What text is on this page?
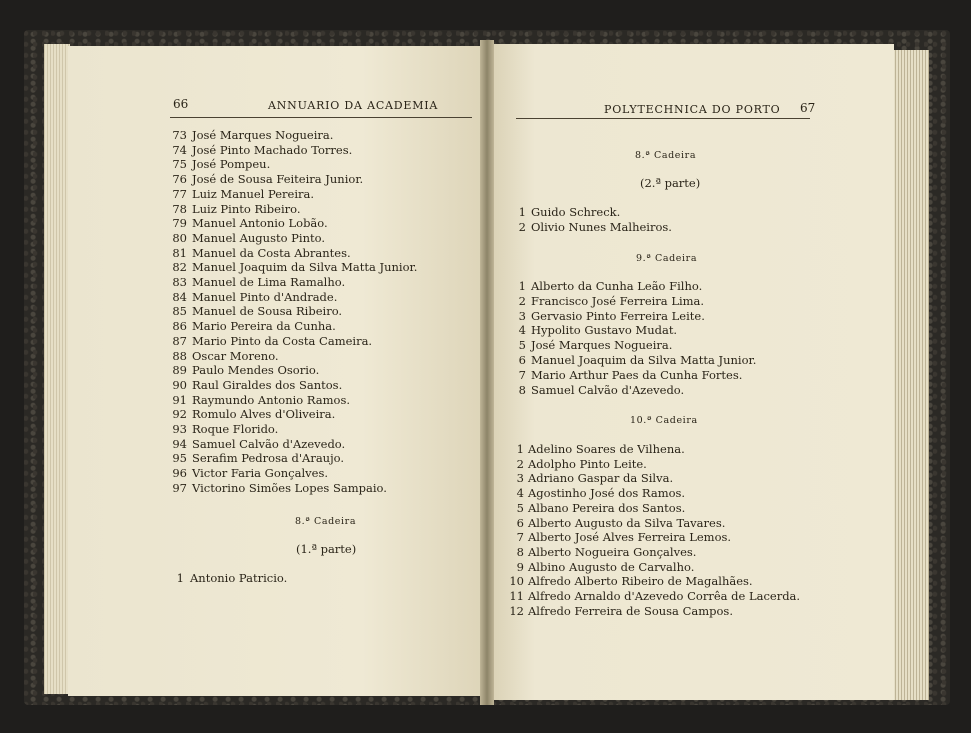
66	ANNUARIO DA ACADEMIA
73 José Marques Nogueira.
74 José Pinto Machado Torres.
75 José Pompeu.
76 José de Sousa Feiteira Junior.
77 Luiz Manuel Pereira.
78 Luiz Pinto Ribeiro.
79 Manuel Antonio Lobão.
80 Manuel Augusto Pinto.
81 Manuel da Costa Abrantes.
82 Manuel Joaquim da Silva Matta Junior.
83 Manuel de Lima Ramalho.
84 Manuel Pinto d'Andrade.
85 Manuel de Sousa Ribeiro.
86 Mario Pereira da Cunha.
87 Mario Pinto da Costa Cameira.
88 Oscar Moreno.
89 Paulo Mendes Osorio.
90 Raul Giraldes dos Santos.
91 Raymundo Antonio Ramos.
92 Romulo Alves d'Oliveira.
93 Roque Florido.
94 Samuel Calvão d'Azevedo.
95 Serafim Pedrosa d'Araujo.
96 Victor Faria Gonçalves.
97 Victorino Simões Lopes Sampaio.
8.ª Cadeira
(1.ª parte)
1 Antonio Patricio.
POLYTECHNICA DO PORTO 67
8.ª Cadeira
(2.ª parte)
1 Guido Schreck.
2 Olivio Nunes Malheiros.
9.ª Cadeira
1 Alberto da Cunha Leão Filho.
2 Francisco José Ferreira Lima.
3 Gervasio Pinto Ferreira Leite.
4 Hypolito Gustavo Mudat.
5 José Marques Nogueira.
6 Manuel Joaquim da Silva Matta Junior.
7 Mario Arthur Paes da Cunha Fortes.
8 Samuel Calvão d'Azevedo.
10.ª Cadeira
1 Adelino Soares de Vilhena.
2 Adolpho Pinto Leite.
3 Adriano Gaspar da Silva.
4 Agostinho José dos Ramos.
5 Albano Pereira dos Santos.
6 Alberto Augusto da Silva Tavares.
7 Alberto José Alves Ferreira Lemos.
8 Alberto Nogueira Gonçalves.
9 Albino Augusto de Carvalho.
10 Alfredo Alberto Ribeiro de Magalhães.
11 Alfredo Arnaldo d'Azevedo Corrêa de Lacerda.
12 Alfredo Ferreira de Sousa Campos.
